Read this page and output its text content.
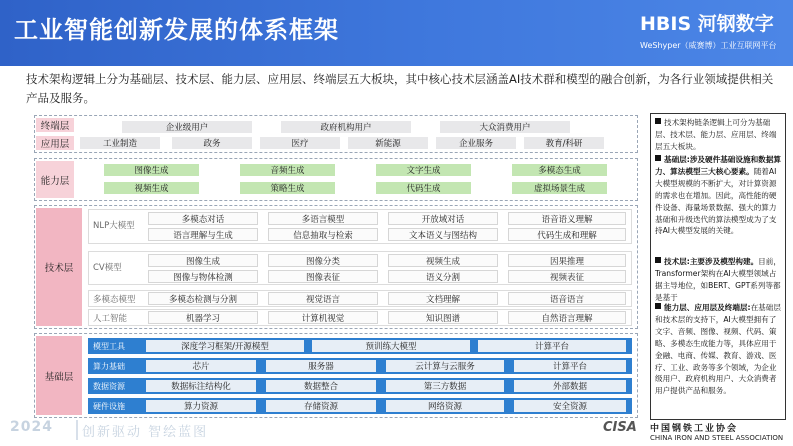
工业智能创新发展的体系框架	HBIS 河钢数字
WeShyper（威赛博）工业互联网平台
技术架构逻辑上分为基础层、技术层、能力层、应用层、终端层五大板块，其中核心技术层涵盖AI技术群和模型的融合创新，为各行业领域提供相关产品及服务。
终端层	企业级用户	政府机构用户	大众消费用户
应用层	工业制造	政务	医疗	新能源	企业服务	教育/科研
能力层
图像生成	音频生成	文字生成	多模态生成
视频生成	策略生成	代码生成	虚拟场景生成
技术层
NLP大模型
多模态对话	多语言模型	开放域对话	语音语义理解
语言理解与生成	信息抽取与检索	文本语义与图结构	代码生成和理解
CV模型
图像生成	图像分类	视频生成	因果推理
图像与物体检测	图像表征	语义分割	视频表征
多模态模型	多模态检测与分割	视觉语言	文档理解	语音语言
人工智能	机器学习	计算机视觉	知识图谱	自然语言理解
基础层
模型工具	深度学习框架/开源模型	预训练大模型	计算平台
算力基础	芯片	服务器	云计算与云服务	计算平台
数据资源	数据标注结构化	数据整合	第三方数据	外部数据
硬件设施	算力资源	存储资源	网络资源	安全资源
技术架构链条逻辑上可分为基础层、技术层、能力层、应用层、终端层五大板块。
基础层:涉及硬件基础设施和数据算力、算法模型三大核心要素。随着AI大模型规模的不断扩大，对计算资源的需求也在增加。因此，高性能的硬件设备、海量场景数据、强大的算力基础和升级迭代的算法模型成为了支持AI大模型发展的关键。
技术层:主要涉及模型构建。目前，Transformer架构在AI大模型领域占据主导地位，如BERT、GPT系列等都是基于
能力层、应用层及终端层:在基础层和技术层的支持下，AI大模型拥有了文字、音频、图像、视频、代码、策略、多模态生成能力等，具体应用于金融、电商、传媒、教育、游戏、医疗、工业、政务等多个领域，为企业级用户、政府机构用户、大众消费者用户提供产品和服务。
2024 创新驱动 智绘蓝图	CISA 中国钢铁工业协会
CHINA IRON AND STEEL ASSOCIATION
